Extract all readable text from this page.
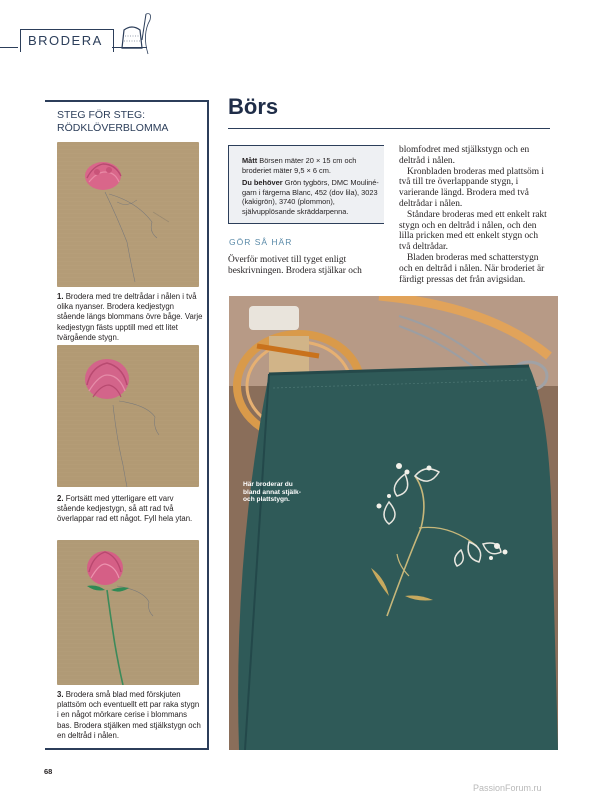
BRODERA
STEG FÖR STEG:
RÖDKLÖVERBLOMMA
1. Brodera med tre deltrådar i nålen i två olika nyanser. Brodera kedjestygn stående längs blommans övre båge. Varje kedjestygn fästs upptill med ett litet tvärgående stygn.
2. Fortsätt med ytterligare ett varv stående kedjestygn, så att rad två överlappar rad ett något. Fyll hela ytan.
3. Brodera små blad med förskjuten plattsöm och eventuellt ett par raka stygn i en något mörkare cerise i blommans bas. Brodera stjälken med stjälkstygn och en deltråd i nålen.
Börs
Mått Börsen mäter 20 × 15 cm och broderiet mäter 9,5 × 6 cm.
Du behöver Grön tygbörs, DMC Mouliné-garn i färgerna Blanc, 452 (dov lila), 3023 (kakigrön), 3740 (plommon), självupplösande skräddarpenna.
GÖR SÅ HÄR

Överför motivet till tyget enligt beskrivningen. Brodera stjälkar och

blomfodret med stjälkstygn och en deltråd i nålen.

Kronbladen broderas med plattsöm i två till tre överlappande stygn, i varierande längd. Brodera med två deltrådar i nålen.

Ståndare broderas med ett enkelt rakt stygn och en deltråd i nålen, och den lilla pricken med ett enkelt stygn och två deltrådar.

Bladen broderas med schatterstygn och en deltråd i nålen. När broderiet är färdigt pressas det från avigsidan.

Här broderar du bland annat stjälk- och plattstygn.
68
PassionForum.ru
